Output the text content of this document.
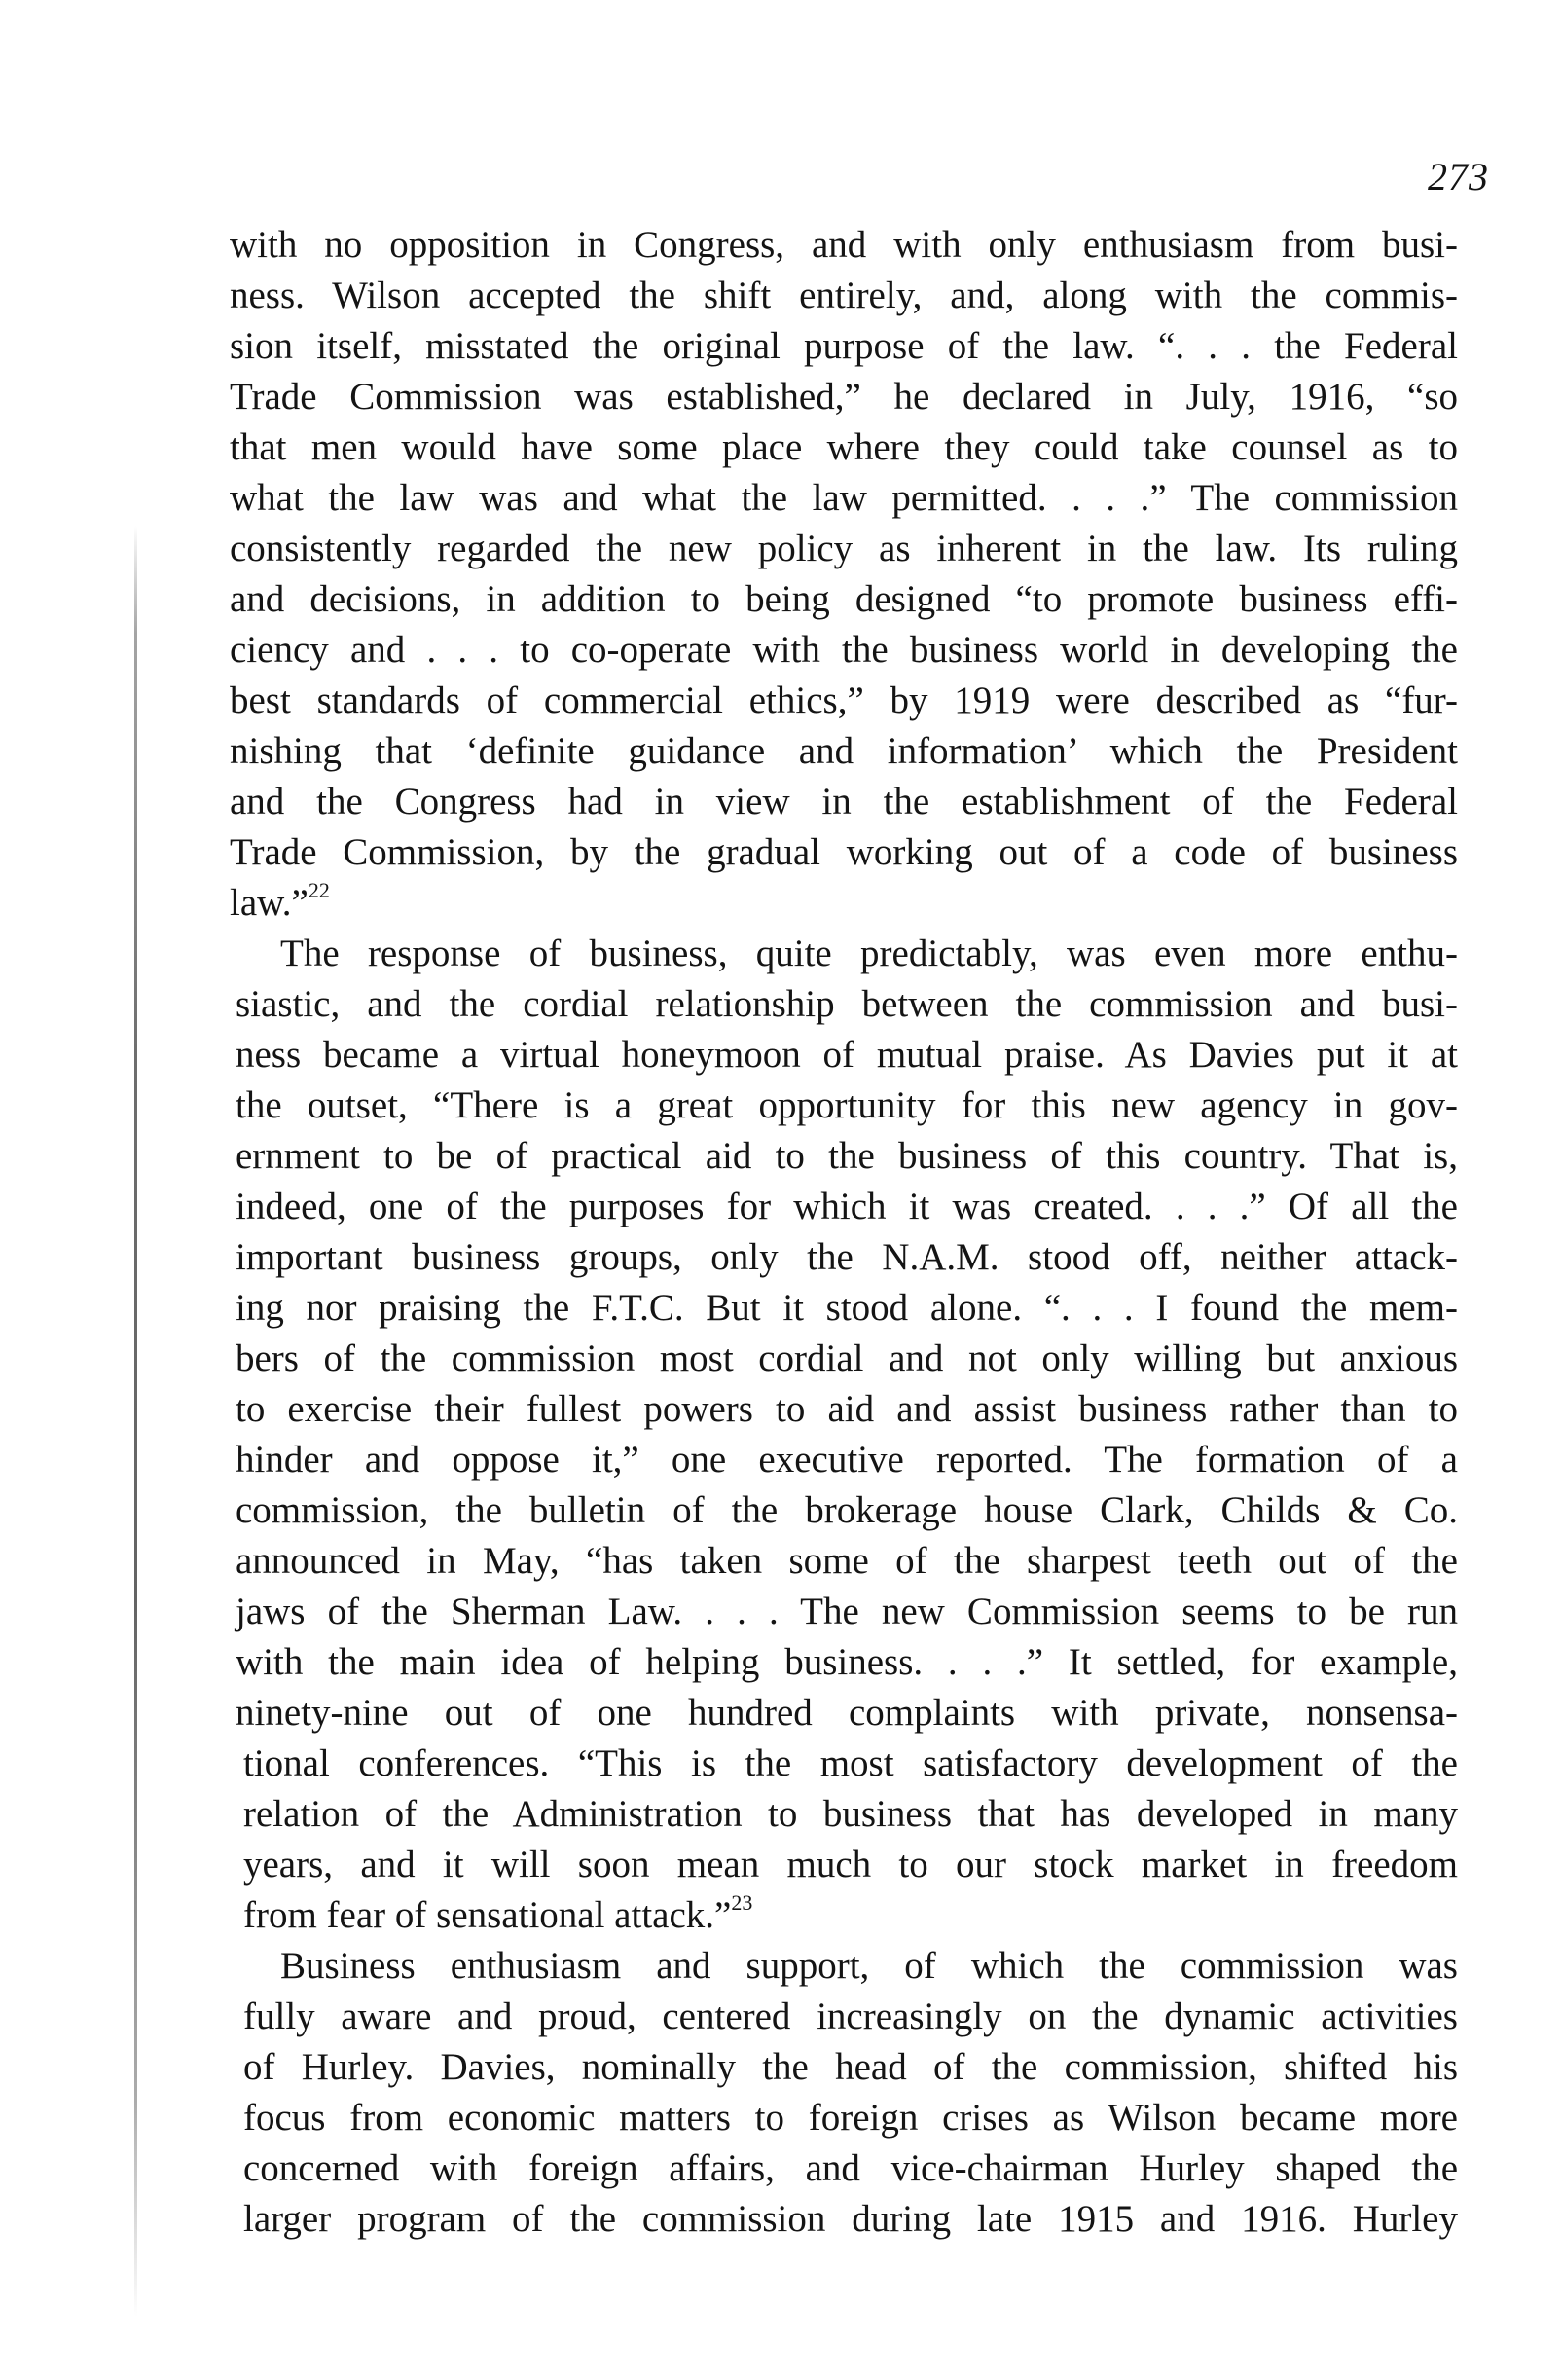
273
with no opposition in Congress, and with only enthusiasm from busi-
ness. Wilson accepted the shift entirely, and, along with the commis-
sion itself, misstated the original purpose of the law. “. . . the Federal
Trade Commission was established,” he declared in July, 1916, “so
that men would have some place where they could take counsel as to
what the law was and what the law permitted. . . .” The commission
consistently regarded the new policy as inherent in the law. Its ruling
and decisions, in addition to being designed “to promote business effi-
ciency and . . . to co-operate with the business world in developing the
best standards of commercial ethics,” by 1919 were described as “fur-
nishing that ‘definite guidance and information’ which the President
and the Congress had in view in the establishment of the Federal
Trade Commission, by the gradual working out of a code of business
law.”$^{22}$
The response of business, quite predictably, was even more enthu-
siastic, and the cordial relationship between the commission and busi-
ness became a virtual honeymoon of mutual praise. As Davies put it at
the outset, “There is a great opportunity for this new agency in gov-
ernment to be of practical aid to the business of this country. That is,
indeed, one of the purposes for which it was created. . . .” Of all the
important business groups, only the N.A.M. stood off, neither attack-
ing nor praising the F.T.C. But it stood alone. “. . . I found the mem-
bers of the commission most cordial and not only willing but anxious
to exercise their fullest powers to aid and assist business rather than to
hinder and oppose it,” one executive reported. The formation of a
commission, the bulletin of the brokerage house Clark, Childs & Co.
announced in May, “has taken some of the sharpest teeth out of the
jaws of the Sherman Law. . . . The new Commission seems to be run
with the main idea of helping business. . . .” It settled, for example,
ninety-nine out of one hundred complaints with private, nonsensa-
tional conferences. “This is the most satisfactory development of the
relation of the Administration to business that has developed in many
years, and it will soon mean much to our stock market in freedom
from fear of sensational attack.”$^{23}$
Business enthusiasm and support, of which the commission was
fully aware and proud, centered increasingly on the dynamic activities
of Hurley. Davies, nominally the head of the commission, shifted his
focus from economic matters to foreign crises as Wilson became more
concerned with foreign affairs, and vice-chairman Hurley shaped the
larger program of the commission during late 1915 and 1916. Hurley
